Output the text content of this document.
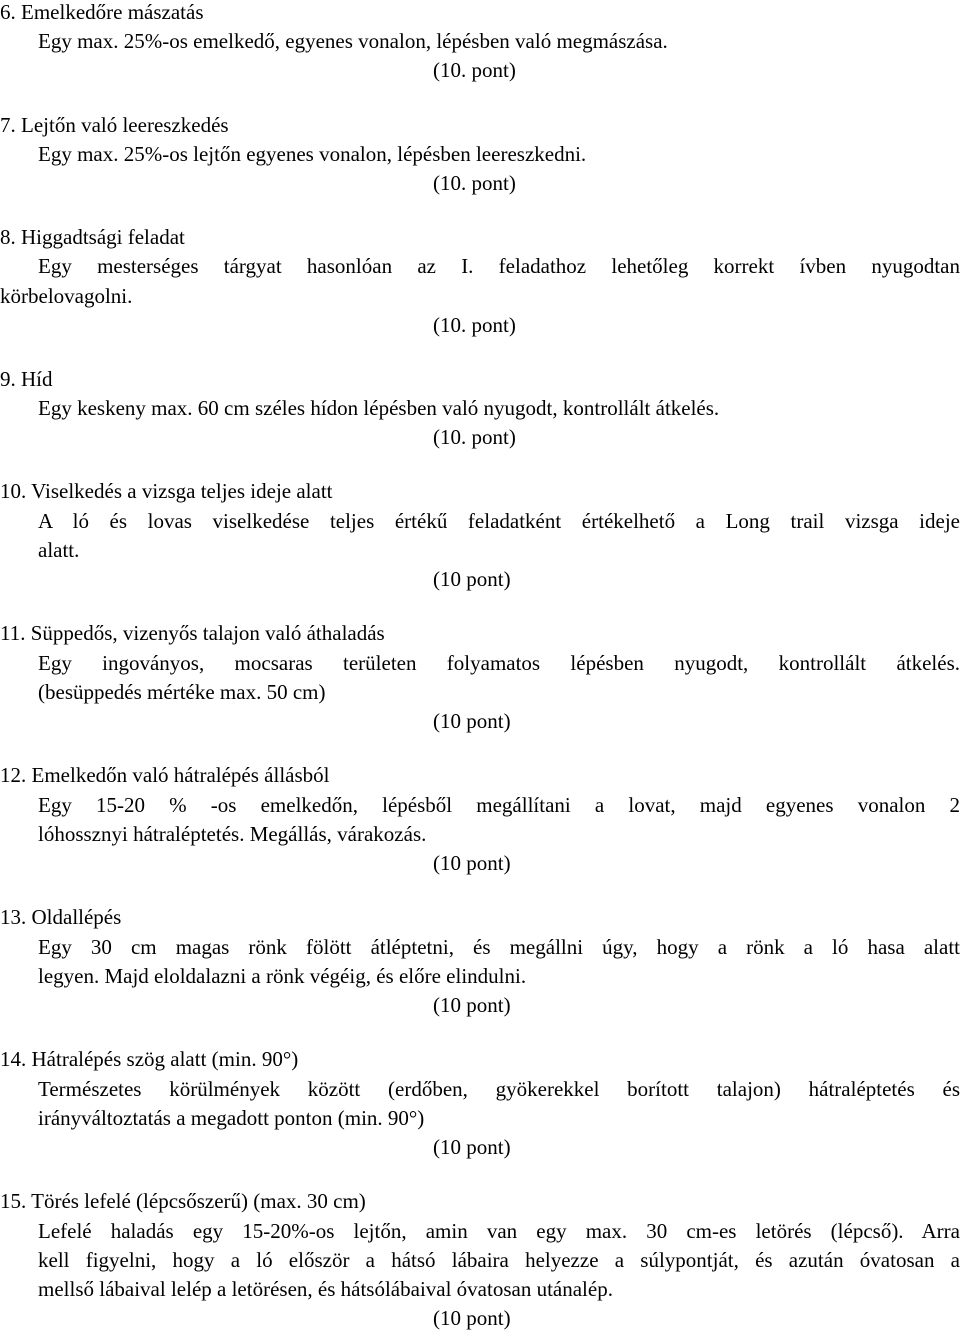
6. Emelkedőre mászatás
Egy max. 25%-os emelkedő, egyenes vonalon, lépésben való megmászása.
(10. pont)
7. Lejtőn való leereszkedés
Egy max. 25%-os lejtőn egyenes vonalon, lépésben leereszkedni.
(10. pont)
8. Higgadtsági feladat
Egy mesterséges tárgyat hasonlóan az I. feladathoz lehetőleg korrekt ívben nyugodtan
körbelovagolni.
(10. pont)
9. Híd
Egy keskeny max. 60 cm széles hídon lépésben való nyugodt, kontrollált átkelés.
(10. pont)
10. Viselkedés a vizsga teljes ideje alatt
A ló és lovas viselkedése teljes értékű feladatként értékelhető a Long trail vizsga ideje
alatt.
(10 pont)
11. Süppedős, vizenyős talajon való áthaladás
Egy ingoványos, mocsaras területen folyamatos lépésben nyugodt, kontrollált átkelés.
(besüppedés mértéke max. 50 cm)
(10 pont)
12. Emelkedőn való hátralépés állásból
Egy 15-20 % -os emelkedőn, lépésből megállítani a lovat, majd egyenes vonalon 2
lóhossznyi hátraléptetés. Megállás, várakozás.
(10 pont)
13. Oldallépés
Egy 30 cm magas rönk fölött átléptetni, és megállni úgy, hogy a rönk a ló hasa alatt
legyen. Majd eloldalazni a rönk végéig, és előre elindulni.
(10 pont)
14. Hátralépés szög alatt (min. 90°)
Természetes körülmények között (erdőben, gyökerekkel borított talajon) hátraléptetés és
irányváltoztatás a megadott ponton (min. 90°)
(10 pont)
15. Törés lefelé (lépcsőszerű) (max. 30 cm)
Lefelé haladás egy 15-20%-os lejtőn, amin van egy max. 30 cm-es letörés (lépcső). Arra
kell figyelni, hogy a ló először a hátsó lábaira helyezze a súlypontját, és azután óvatosan a
mellső lábaival lelép a letörésen, és hátsólábaival óvatosan utánalép.
(10 pont)
